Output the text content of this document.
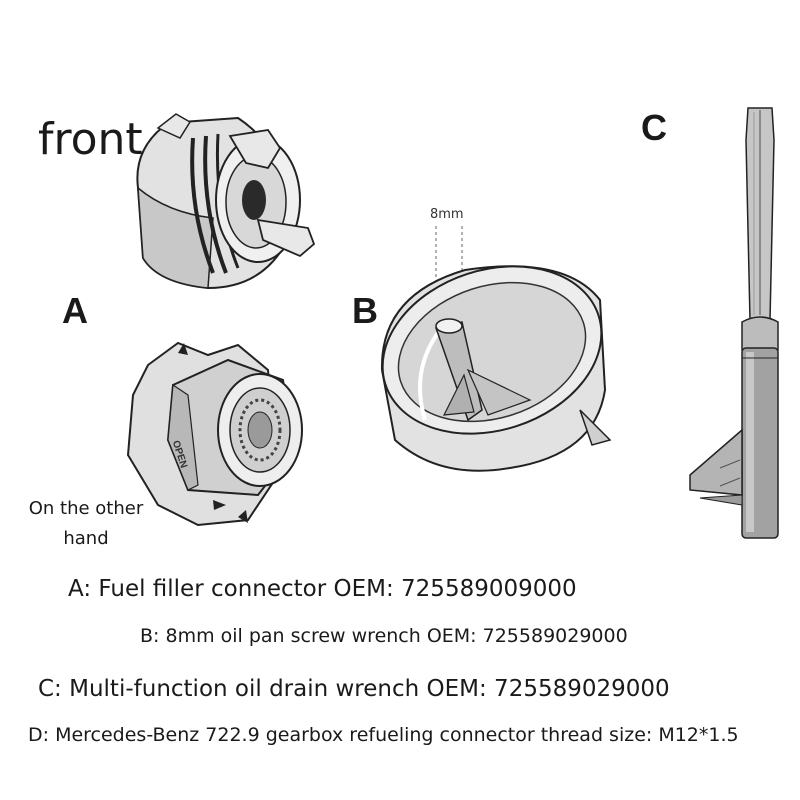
front
A	B
C
On the other hand
OPEN
8mm
A: Fuel filler connector OEM: 725589009000
B: 8mm oil pan screw wrench OEM: 725589029000
C: Multi-function oil drain wrench OEM: 725589029000
D: Mercedes-Benz 722.9 gearbox refueling connector thread size: M12*1.5
